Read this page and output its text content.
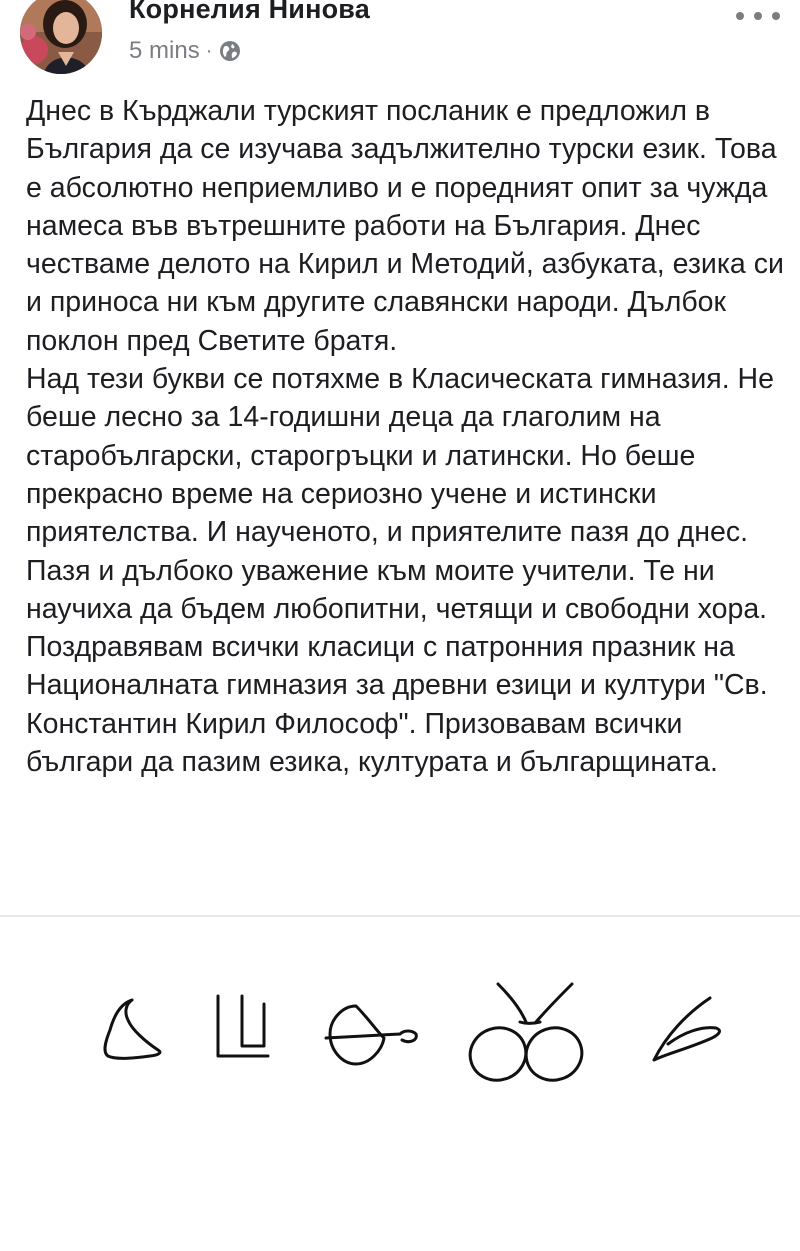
Корнелия Нинова
5 mins ·

Днес в Кърджали турският посланик е предложил в България да се изучава задължително турски език. Това е абсолютно неприемливо и е поредният опит за чужда намеса във вътрешните работи на България. Днес честваме делото на Кирил и Методий, азбуката, езика си и приноса ни към другите славянски народи. Дълбок поклон пред Светите братя.

Над тези букви се потяхме в Класическата гимназия. Не беше лесно за 14-годишни деца да глаголим на старобългарски, старогръцки и латински. Но беше прекрасно време на сериозно учене и истински приятелства. И наученото, и приятелите пазя до днес. Пазя и дълбоко уважение към моите учители. Те ни научиха да бъдем любопитни, четящи и свободни хора. Поздравявам всички класици с патронния празник на Националната гимназия за древни езици и култури "Св. Константин Кирил Философ". Призовавам всички българи да пазим езика, културата и българщината.
